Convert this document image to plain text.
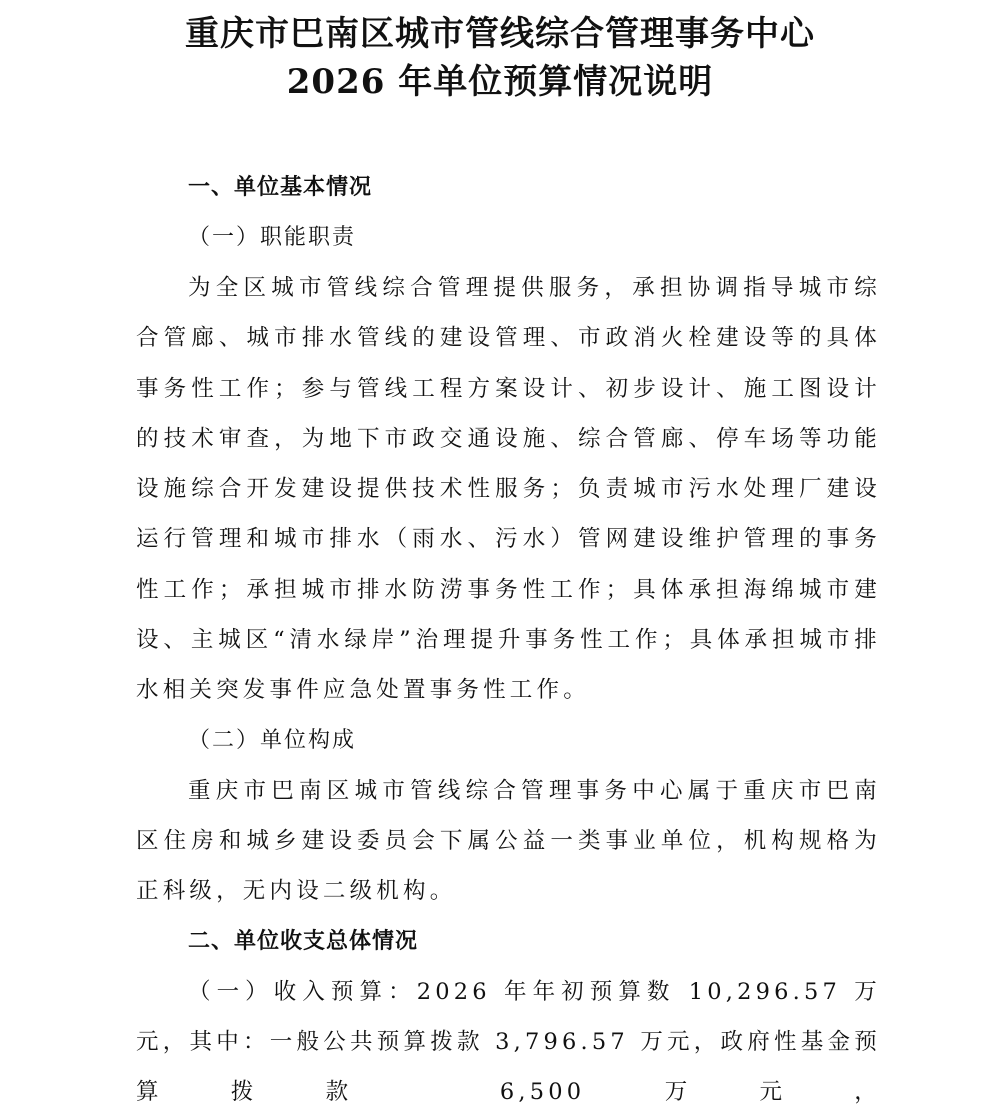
重庆市巴南区城市管线综合管理事务中心
2026 年单位预算情况说明

一、单位基本情况

（一）职能职责

为全区城市管线综合管理提供服务，承担协调指导城市综合管廊、城市排水管线的建设管理、市政消火栓建设等的具体事务性工作；参与管线工程方案设计、初步设计、施工图设计的技术审查，为地下市政交通设施、综合管廊、停车场等功能设施综合开发建设提供技术性服务；负责城市污水处理厂建设运行管理和城市排水（雨水、污水）管网建设维护管理的事务性工作；承担城市排水防涝事务性工作；具体承担海绵城市建设、主城区“清水绿岸”治理提升事务性工作；具体承担城市排水相关突发事件应急处置事务性工作。

（二）单位构成

重庆市巴南区城市管线综合管理事务中心属于重庆市巴南区住房和城乡建设委员会下属公益一类事业单位，机构规格为正科级，无内设二级机构。

二、单位收支总体情况

（一）收入预算：2026 年年初预算数 10,296.57 万元，其中：一般公共预算拨款 3,796.57 万元，政府性基金预算拨款 6,500 万元，
